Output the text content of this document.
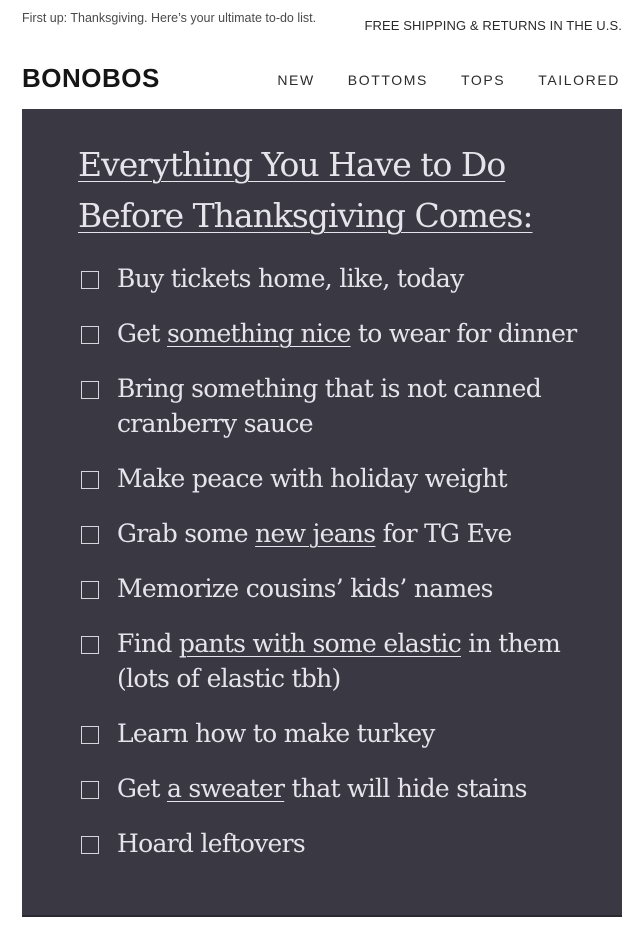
First up: Thanksgiving. Here’s your ultimate to-do list.	FREE SHIPPING & RETURNS IN THE U.S.
BONOBOS	NEW BOTTOMS TOPS TAILORED
Everything You Have to Do Before Thanksgiving Comes:
Buy tickets home, like, today
Get something nice to wear for dinner
Bring something that is not canned cranberry sauce
Make peace with holiday weight
Grab some new jeans for TG Eve
Memorize cousins’ kids’ names
Find pants with some elastic in them (lots of elastic tbh)
Learn how to make turkey
Get a sweater that will hide stains
Hoard leftovers
